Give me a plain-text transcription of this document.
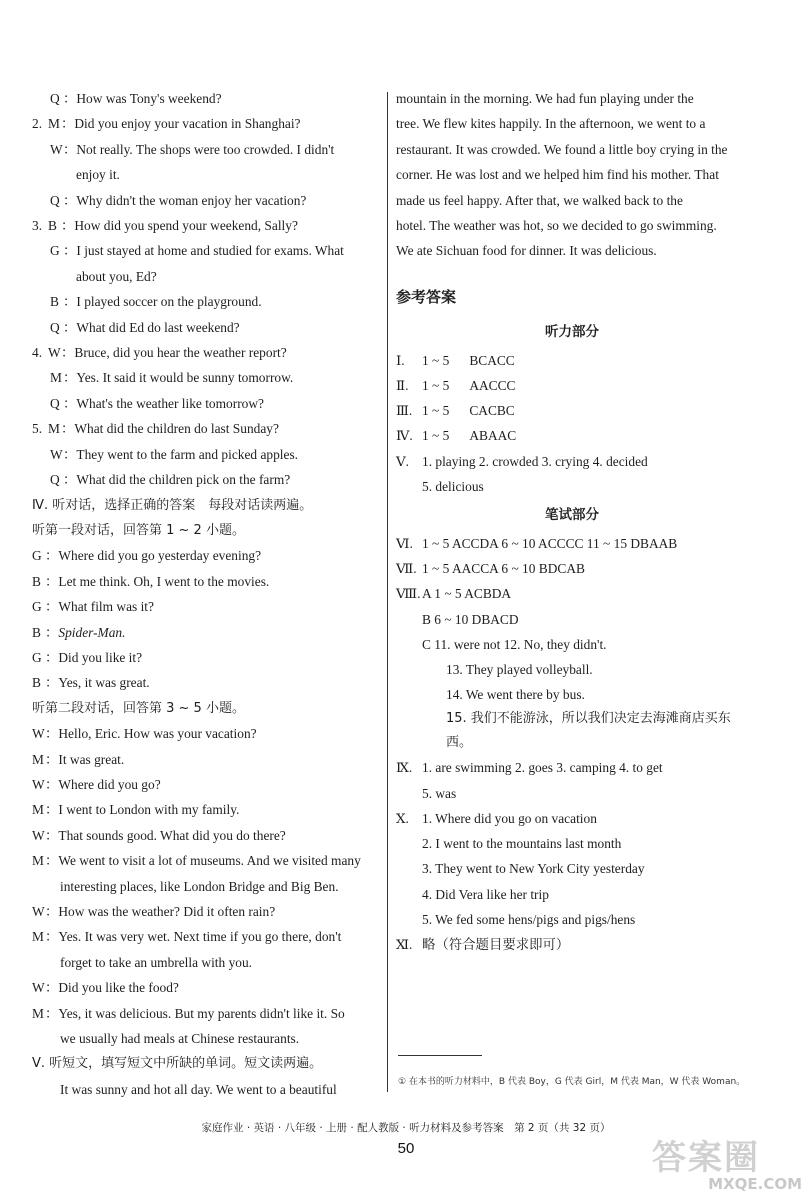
Q ：How was Tony's weekend?
2. M：Did you enjoy your vacation in Shanghai?
W：Not really. The shops were too crowded. I didn't
enjoy it.
Q ：Why didn't the woman enjoy her vacation?
3. B ：How did you spend your weekend, Sally?
G ：I just stayed at home and studied for exams. What
about you, Ed?
B ：I played soccer on the playground.
Q ：What did Ed do last weekend?
4. W：Bruce, did you hear the weather report?
M：Yes. It said it would be sunny tomorrow.
Q ：What's the weather like tomorrow?
5. M：What did the children do last Sunday?
W：They went to the farm and picked apples.
Q ：What did the children pick on the farm?
Ⅳ. 听对话，选择正确的答案　每段对话读两遍。
听第一段对话，回答第 1 ~ 2 小题。
G ：Where did you go yesterday evening?
B ：Let me think. Oh, I went to the movies.
G ：What film was it?
B ：Spider-Man.
G ：Did you like it?
B ：Yes, it was great.
听第二段对话，回答第 3 ~ 5 小题。
W：Hello, Eric. How was your vacation?
M：It was great.
W：Where did you go?
M：I went to London with my family.
W：That sounds good. What did you do there?
M：We went to visit a lot of museums. And we visited many
interesting places, like London Bridge and Big Ben.
W：How was the weather? Did it often rain?
M：Yes. It was very wet. Next time if you go there, don't
forget to take an umbrella with you.
W：Did you like the food?
M：Yes, it was delicious. But my parents didn't like it. So
we usually had meals at Chinese restaurants.
Ⅴ. 听短文，填写短文中所缺的单词。短文读两遍。
It was sunny and hot all day. We went to a beautiful
mountain in the morning. We had fun playing under the
tree. We flew kites happily. In the afternoon, we went to a
restaurant. It was crowded. We found a little boy crying in the
corner. He was lost and we helped him find his mother. That
made us feel happy. After that, we walked back to the
hotel. The weather was hot, so we decided to go swimming.
We ate Sichuan food for dinner. It was delicious.
参考答案
听力部分
Ⅰ. 1 ~ 5 BCACC
Ⅱ. 1 ~ 5 AACCC
Ⅲ. 1 ~ 5 CACBC
Ⅳ. 1 ~ 5 ABAAC
Ⅴ. 1. playing 2. crowded 3. crying 4. decided
5. delicious
笔试部分
Ⅵ. 1 ~ 5 ACCDA 6 ~ 10 ACCCC 11 ~ 15 DBAAB
Ⅶ. 1 ~ 5 AACCA 6 ~ 10 BDCAB
Ⅷ. A 1 ~ 5 ACBDA
B 6 ~ 10 DBACD
C 11. were not 12. No, they didn't.
13. They played volleyball.
14. We went there by bus.
15. 我们不能游泳，所以我们决定去海滩商店买东西。
Ⅸ. 1. are swimming 2. goes 3. camping 4. to get
5. was
Ⅹ. 1. Where did you go on vacation
2. I went to the mountains last month
3. They went to New York City yesterday
4. Did Vera like her trip
5. We fed some hens/pigs and pigs/hens
Ⅺ. 略（符合题目要求即可）
① 在本书的听力材料中，B 代表 Boy，G 代表 Girl，M 代表 Man，W 代表 Woman。
家庭作业 · 英语 · 八年级 · 上册 · 配人教版 · 听力材料及参考答案　第 2 页（共 32 页）
50	答案圈
MXQE.COM
